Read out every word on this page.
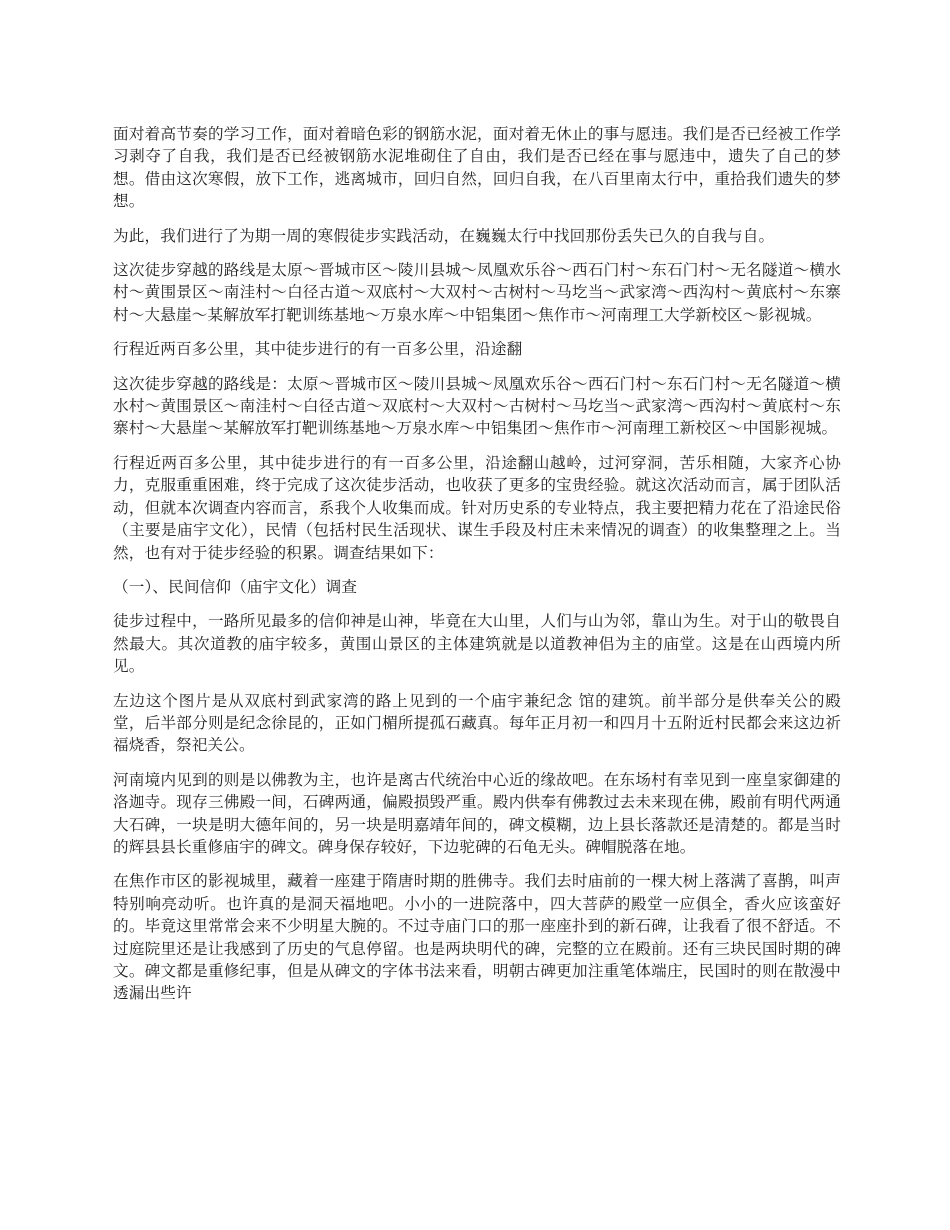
面对着高节奏的学习工作，面对着暗色彩的钢筋水泥，面对着无休止的事与愿违。我们是否已经被工作学习剥夺了自我，我们是否已经被钢筋水泥堆砌住了自由，我们是否已经在事与愿违中，遗失了自己的梦想。借由这次寒假，放下工作，逃离城市，回归自然，回归自我，在八百里南太行中，重拾我们遗失的梦想。

为此，我们进行了为期一周的寒假徒步实践活动，在巍巍太行中找回那份丢失已久的自我与自。

这次徒步穿越的路线是太原～晋城市区～陵川县城～凤凰欢乐谷～西石门村～东石门村～无名隧道～横水村～黄围景区～南洼村～白径古道～双底村～大双村～古树村～马圪当～武家湾～西沟村～黄底村～东寨村～大悬崖～某解放军打靶训练基地～万泉水库～中铝集团～焦作市～河南理工大学新校区～影视城。

行程近两百多公里，其中徒步进行的有一百多公里，沿途翻

这次徒步穿越的路线是：太原～晋城市区～陵川县城～凤凰欢乐谷～西石门村～东石门村～无名隧道～横水村～黄围景区～南洼村～白径古道～双底村～大双村～古树村～马圪当～武家湾～西沟村～黄底村～东寨村～大悬崖～某解放军打靶训练基地～万泉水库～中铝集团～焦作市～河南理工新校区～中国影视城。

行程近两百多公里，其中徒步进行的有一百多公里，沿途翻山越岭，过河穿洞，苦乐相随，大家齐心协力，克服重重困难，终于完成了这次徒步活动，也收获了更多的宝贵经验。就这次活动而言，属于团队活动，但就本次调查内容而言，系我个人收集而成。针对历史系的专业特点，我主要把精力花在了沿途民俗（主要是庙宇文化），民情（包括村民生活现状、谋生手段及村庄未来情况的调查）的收集整理之上。当然，也有对于徒步经验的积累。调查结果如下：

（一）、民间信仰（庙宇文化）调查

徒步过程中，一路所见最多的信仰神是山神，毕竟在大山里，人们与山为邻，靠山为生。对于山的敬畏自然最大。其次道教的庙宇较多，黄围山景区的主体建筑就是以道教神侣为主的庙堂。这是在山西境内所见。

左边这个图片是从双底村到武家湾的路上见到的一个庙宇兼纪念 馆的建筑。前半部分是供奉关公的殿堂，后半部分则是纪念徐昆的，正如门楣所提孤石藏真。每年正月初一和四月十五附近村民都会来这边祈福烧香，祭祀关公。

河南境内见到的则是以佛教为主，也许是离古代统治中心近的缘故吧。在东场村有幸见到一座皇家御建的洛迦寺。现存三佛殿一间，石碑两通，偏殿损毁严重。殿内供奉有佛教过去未来现在佛，殿前有明代两通大石碑，一块是明大德年间的，另一块是明嘉靖年间的，碑文模糊，边上县长落款还是清楚的。都是当时的辉县县长重修庙宇的碑文。碑身保存较好，下边驼碑的石龟无头。碑帽脱落在地。

在焦作市区的影视城里，藏着一座建于隋唐时期的胜佛寺。我们去时庙前的一棵大树上落满了喜鹊，叫声特别响亮动听。也许真的是洞天福地吧。小小的一进院落中，四大菩萨的殿堂一应俱全，香火应该蛮好的。毕竟这里常常会来不少明星大腕的。不过寺庙门口的那一座座扑到的新石碑，让我看了很不舒适。不过庭院里还是让我感到了历史的气息停留。也是两块明代的碑，完整的立在殿前。还有三块民国时期的碑文。碑文都是重修纪事，但是从碑文的字体书法来看，明朝古碑更加注重笔体端庄，民国时的则在散漫中透漏出些许
